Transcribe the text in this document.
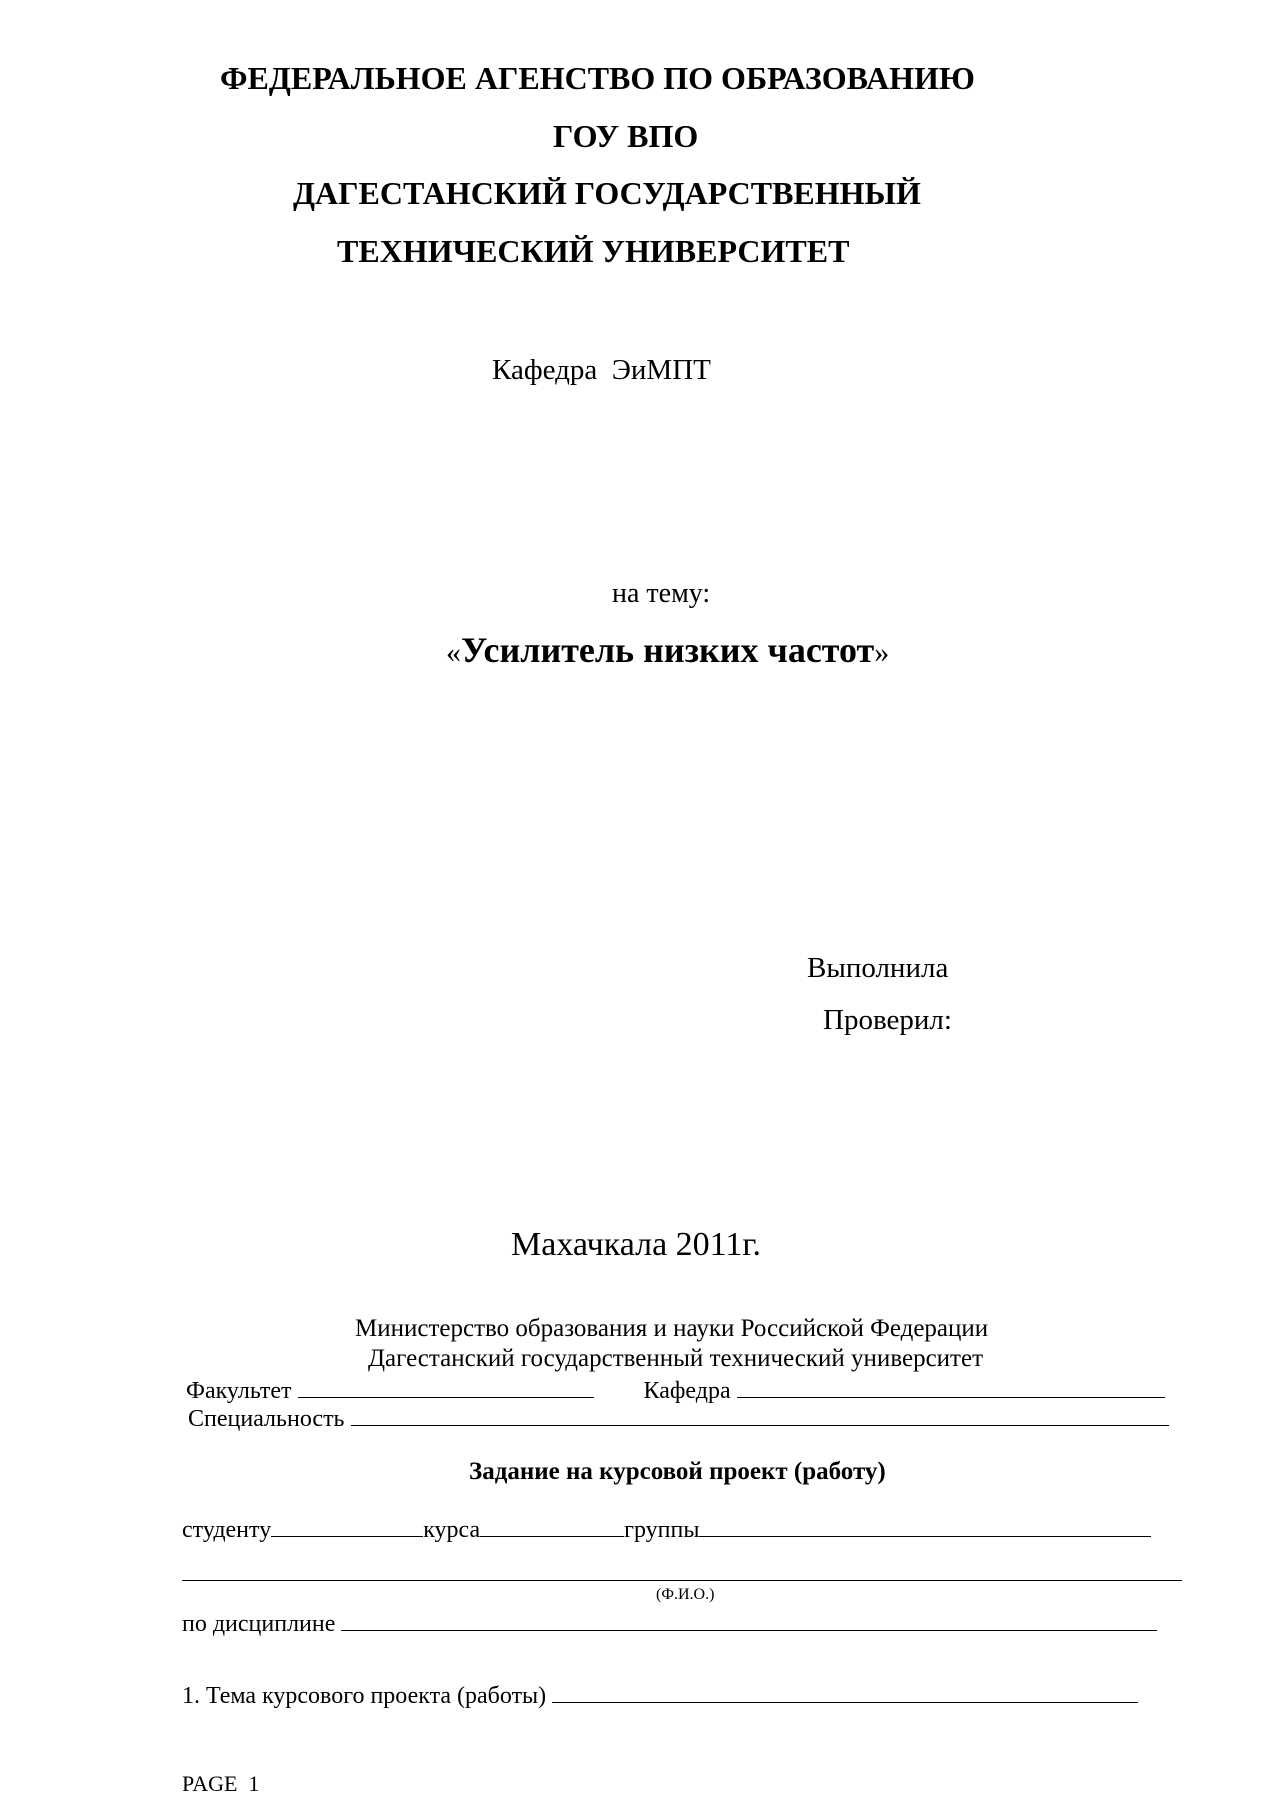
ФЕДЕРАЛЬНОЕ АГЕНСТВО ПО ОБРАЗОВАНИЮ
ГОУ ВПО
ДАГЕСТАНСКИЙ ГОСУДАРСТВЕННЫЙ
ТЕХНИЧЕСКИЙ УНИВЕРСИТЕТ
Кафедра  ЭиМПТ
на тему:
«Усилитель низких частот»
Выполнила
Проверил:
Махачкала 2011г.
Министерство образования и науки Российской Федерации
Дагестанский государственный технический университет
Факультет	Кафедра
Специальность
Задание на курсовой проект (работу)
студенту	курса	группы
(Ф.И.О.)
по дисциплине
1. Тема курсового проекта (работы)
PAGE  1
